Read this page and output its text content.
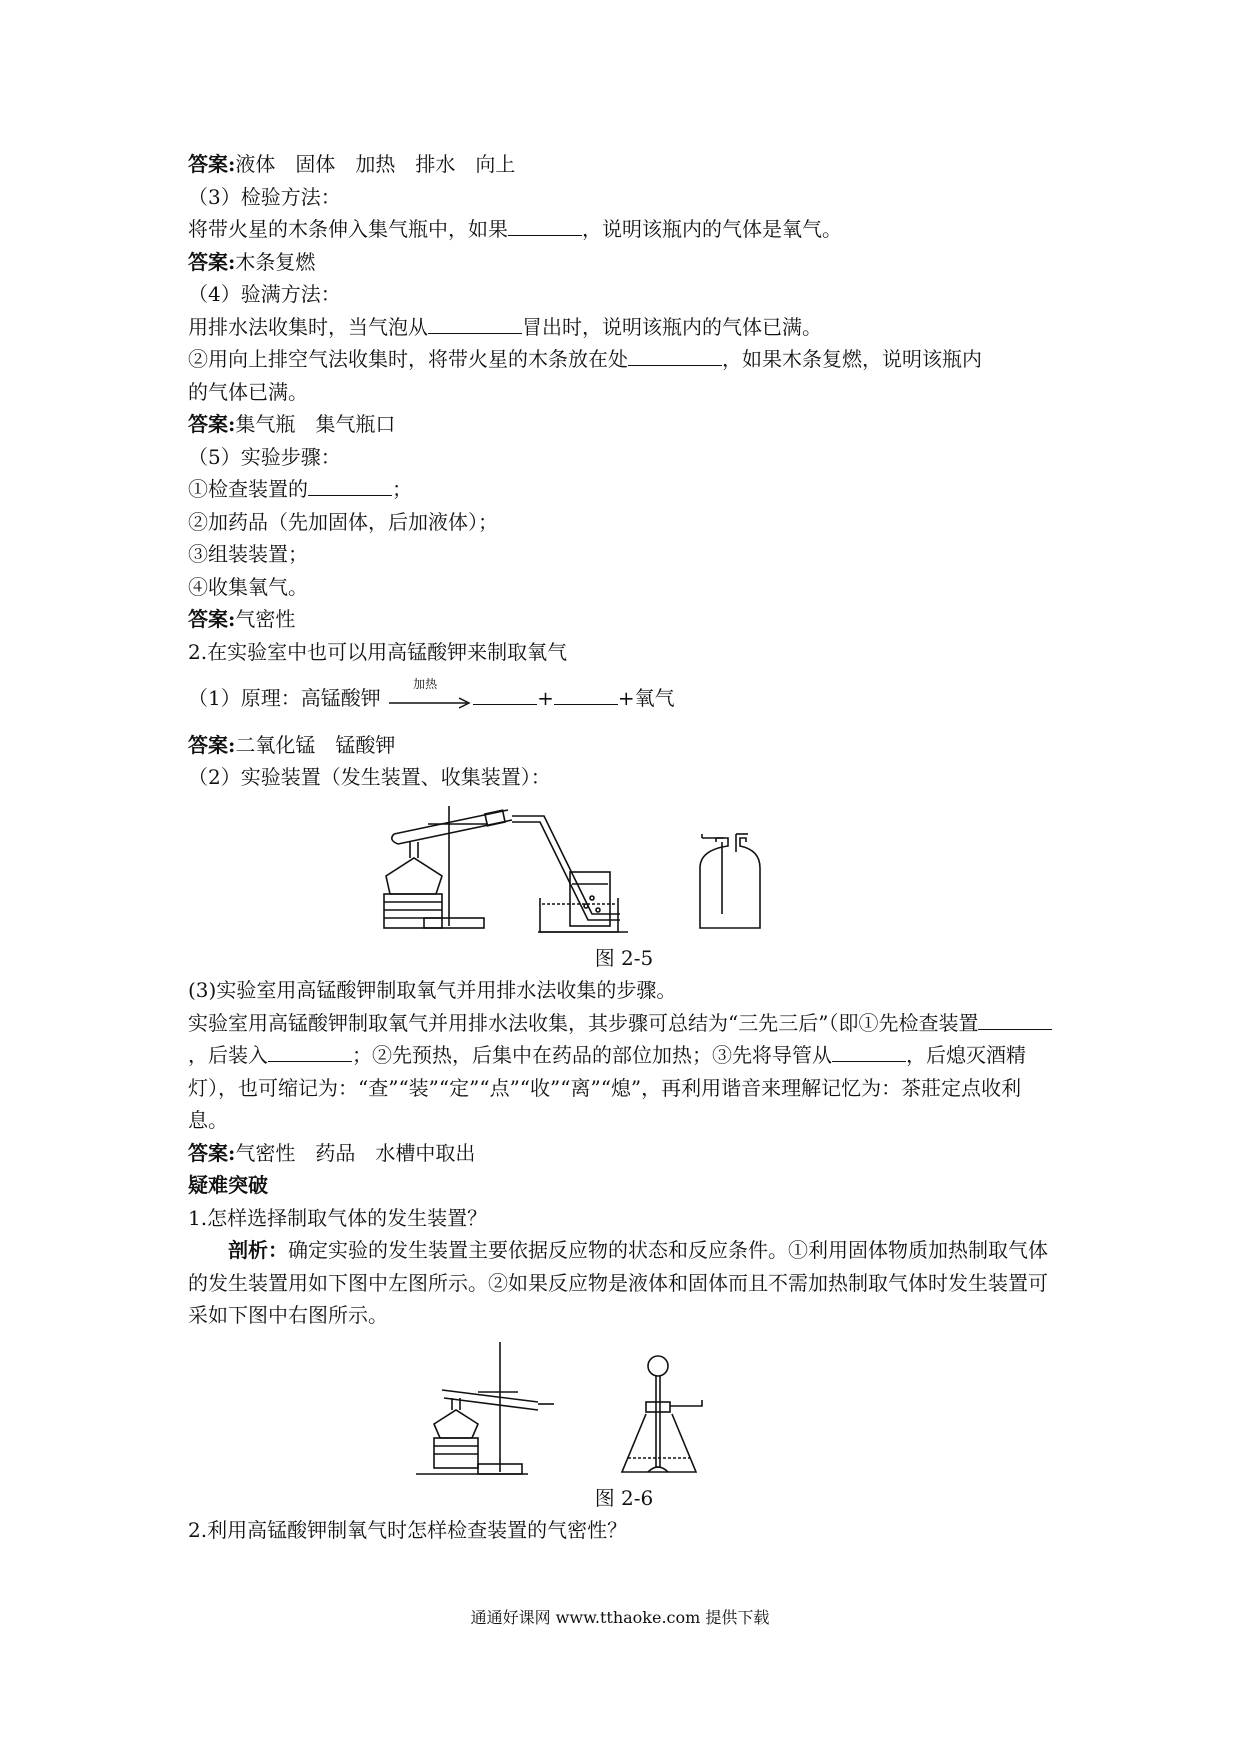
答案:液体　固体　加热　排水　向上
（3）检验方法：
将带火星的木条伸入集气瓶中，如果	，说明该瓶内的气体是氧气。
答案:木条复燃
（4）验满方法：
用排水法收集时，当气泡从	冒出时，说明该瓶内的气体已满。
②用向上排空气法收集时，将带火星的木条放在处	，如果木条复燃，说明该瓶内
的气体已满。
答案:集气瓶　集气瓶口
（5）实验步骤：
①检查装置的	；
②加药品（先加固体，后加液体）；
③组装装置；
④收集氧气。
答案:气密性
2.在实验室中也可以用高锰酸钾来制取氧气
（1）原理：高锰酸钾
加热
+	+氧气
答案:二氧化锰　锰酸钾
（2）实验装置（发生装置、收集装置）：
图 2-5
(3)实验室用高锰酸钾制取氧气并用排水法收集的步骤。
实验室用高锰酸钾制取氧气并用排水法收集，其步骤可总结为“三先三后”（即①先检查装置，后装入	；②先预热，后集中在药品的部位加热；③先将导管从	，后熄灭酒精灯），也可缩记为：“查”“装”“定”“点”“收”“离”“熄”，再利用谐音来理解记忆为：茶莊定点收利息。
答案:气密性　药品　水槽中取出
疑难突破
1.怎样选择制取气体的发生装置？
剖析：确定实验的发生装置主要依据反应物的状态和反应条件。①利用固体物质加热制取气体的发生装置用如下图中左图所示。②如果反应物是液体和固体而且不需加热制取气体时发生装置可采如下图中右图所示。
图 2-6
2.利用高锰酸钾制氧气时怎样检查装置的气密性？
通通好课网 www.tthaoke.com 提供下载
